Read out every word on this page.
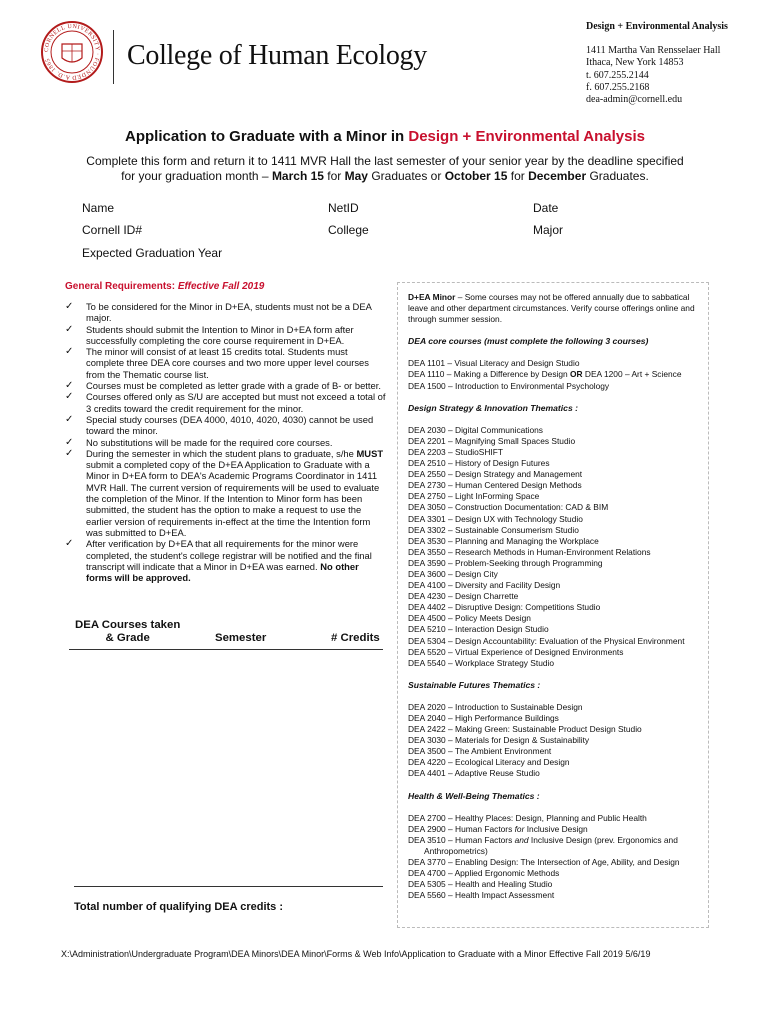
CORNELL UNIVERSITY · FOUNDED A.D. 1865	College of Human Ecology
Design + Environmental Analysis
1411 Martha Van Rensselaer Hall
Ithaca, New York 14853
t. 607.255.2144
f. 607.255.2168
dea-admin@cornell.edu
Application to Graduate with a Minor in Design + Environmental Analysis

Complete this form and return it to 1411 MVR Hall the last semester of your senior year by the deadline specified

for your graduation month – March 15 for May Graduates or October 15 for December Graduates.

Name	NetID	Date
Cornell ID#	College	Major
Expected Graduation Year
General Requirements: Effective Fall 2019
✓ To be considered for the Minor in D+EA, students must not be a DEA major.
✓ Students should submit the Intention to Minor in D+EA form after successfully completing the core course requirement in D+EA.
✓ The minor will consist of at least 15 credits total. Students must complete three DEA core courses and two more upper level courses from the Thematic course list.
✓ Courses must be completed as letter grade with a grade of B- or better.
✓ Courses offered only as S/U are accepted but must not exceed a total of 3 credits toward the credit requirement for the minor.
✓ Special study courses (DEA 4000, 4010, 4020, 4030) cannot be used toward the minor.
✓ No substitutions will be made for the required core courses.
✓ During the semester in which the student plans to graduate, s/he MUST submit a completed copy of the D+EA Application to Graduate with a Minor in D+EA form to DEA's Academic Programs Coordinator in 1411 MVR Hall. The current version of requirements will be used to evaluate the completion of the Minor. If the Intention to Minor form has been submitted, the student has the option to make a request to use the earlier version of requirements in-effect at the time the Intention form was submitted to D+EA.
✓ After verification by D+EA that all requirements for the minor were completed, the student's college registrar will be notified and the final transcript will indicate that a Minor in D+EA was earned. No other forms will be approved.
DEA Courses taken
& Grade	Semester	# Credits
Total number of qualifying DEA credits :
D+EA Minor – Some courses may not be offered annually due to sabbatical leave and other department circumstances. Verify course offerings online and through summer session.
DEA core courses (must complete the following 3 courses)
DEA 1101 – Visual Literacy and Design Studio
DEA 1110 – Making a Difference by Design OR DEA 1200 – Art + Science
DEA 1500 – Introduction to Environmental Psychology
Design Strategy & Innovation Thematics :
DEA 2030 – Digital Communications
DEA 2201 – Magnifying Small Spaces Studio
DEA 2203 – StudioSHIFT
DEA 2510 – History of Design Futures
DEA 2550 – Design Strategy and Management
DEA 2730 – Human Centered Design Methods
DEA 2750 – Light InForming Space
DEA 3050 – Construction Documentation: CAD & BIM
DEA 3301 – Design UX with Technology Studio
DEA 3302 – Sustainable Consumerism Studio
DEA 3530 – Planning and Managing the Workplace
DEA 3550 – Research Methods in Human-Environment Relations
DEA 3590 – Problem-Seeking through Programming
DEA 3600 – Design City
DEA 4100 – Diversity and Facility Design
DEA 4230 – Design Charrette
DEA 4402 – Disruptive Design: Competitions Studio
DEA 4500 – Policy Meets Design
DEA 5210 – Interaction Design Studio
DEA 5304 – Design Accountability: Evaluation of the Physical Environment
DEA 5520 – Virtual Experience of Designed Environments
DEA 5540 – Workplace Strategy Studio
Sustainable Futures Thematics :
DEA 2020 – Introduction to Sustainable Design
DEA 2040 – High Performance Buildings
DEA 2422 – Making Green: Sustainable Product Design Studio
DEA 3030 – Materials for Design & Sustainability
DEA 3500 – The Ambient Environment
DEA 4220 – Ecological Literacy and Design
DEA 4401 – Adaptive Reuse Studio
Health & Well-Being Thematics :
DEA 2700 – Healthy Places: Design, Planning and Public Health
DEA 2900 – Human Factors for Inclusive Design
DEA 3510 – Human Factors and Inclusive Design (prev. Ergonomics and
Anthropometrics)
DEA 3770 – Enabling Design: The Intersection of Age, Ability, and Design
DEA 4700 – Applied Ergonomic Methods
DEA 5305 – Health and Healing Studio
DEA 5560 – Health Impact Assessment
X:\Administration\Undergraduate Program\DEA Minors\DEA Minor\Forms & Web Info\Application to Graduate with a Minor Effective Fall 2019 5/6/19
